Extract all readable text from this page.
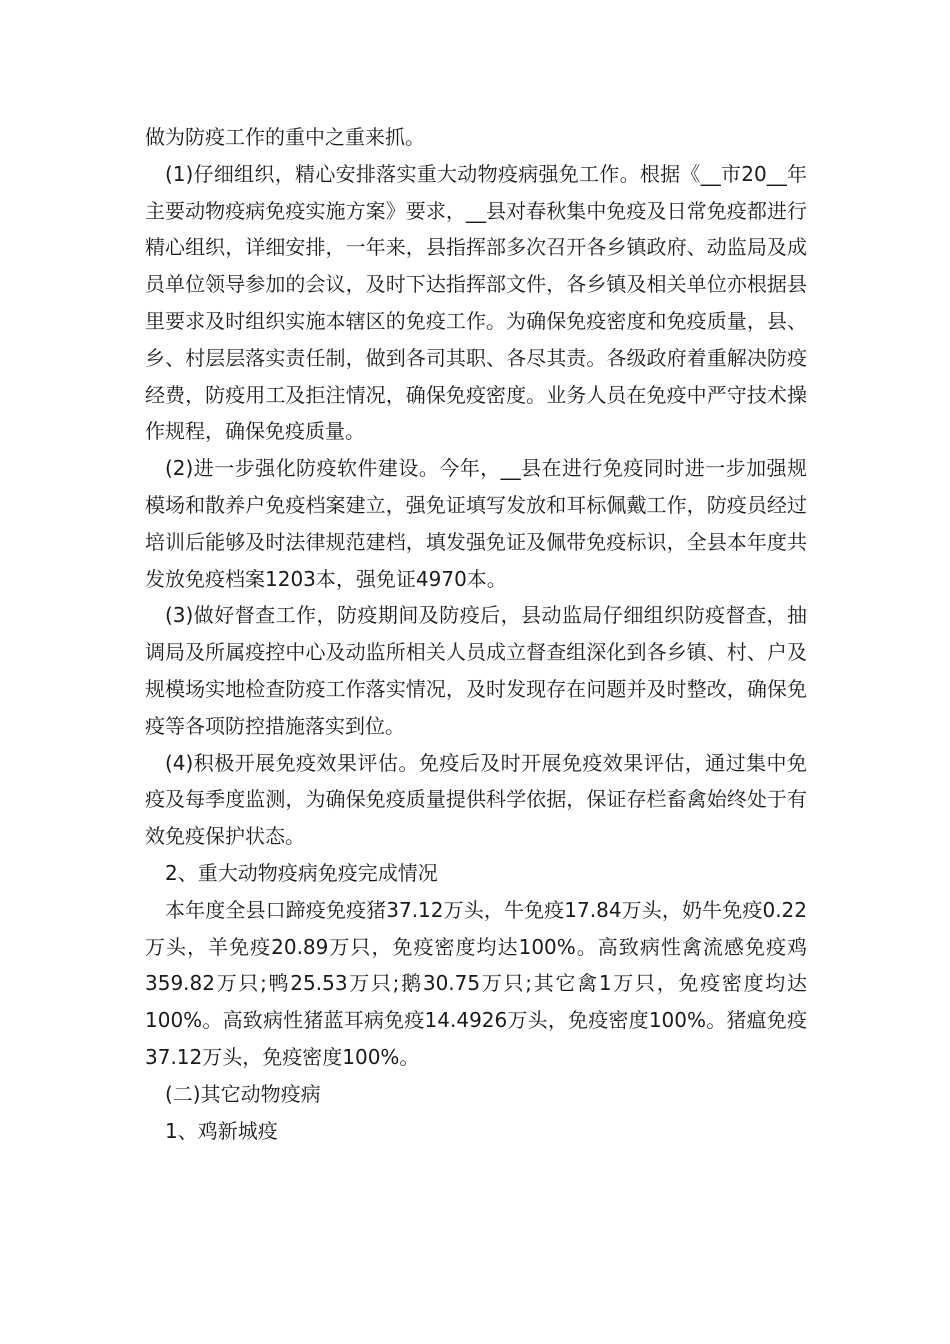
做为防疫工作的重中之重来抓。

(1)仔细组织，精心安排落实重大动物疫病强免工作。根据《__市20__年主要动物疫病免疫实施方案》要求，__县对春秋集中免疫及日常免疫都进行精心组织，详细安排，一年来，县指挥部多次召开各乡镇政府、动监局及成员单位领导参加的会议，及时下达指挥部文件，各乡镇及相关单位亦根据县里要求及时组织实施本辖区的免疫工作。为确保免疫密度和免疫质量，县、乡、村层层落实责任制，做到各司其职、各尽其责。各级政府着重解决防疫经费，防疫用工及拒注情况，确保免疫密度。业务人员在免疫中严守技术操作规程，确保免疫质量。

(2)进一步强化防疫软件建设。今年，__县在进行免疫同时进一步加强规模场和散养户免疫档案建立，强免证填写发放和耳标佩戴工作，防疫员经过培训后能够及时法律规范建档，填发强免证及佩带免疫标识，全县本年度共发放免疫档案1203本，强免证4970本。

(3)做好督查工作，防疫期间及防疫后，县动监局仔细组织防疫督查，抽调局及所属疫控中心及动监所相关人员成立督查组深化到各乡镇、村、户及规模场实地检查防疫工作落实情况，及时发现存在问题并及时整改，确保免疫等各项防控措施落实到位。

(4)积极开展免疫效果评估。免疫后及时开展免疫效果评估，通过集中免疫及每季度监测，为确保免疫质量提供科学依据，保证存栏畜禽始终处于有效免疫保护状态。

2、重大动物疫病免疫完成情况

本年度全县口蹄疫免疫猪37.12万头，牛免疫17.84万头，奶牛免疫0.22万头，羊免疫20.89万只，免疫密度均达100%。高致病性禽流感免疫鸡359.82万只;鸭25.53万只;鹅30.75万只;其它禽1万只，免疫密度均达100%。高致病性猪蓝耳病免疫14.4926万头，免疫密度100%。猪瘟免疫37.12万头，免疫密度100%。

(二)其它动物疫病

1、鸡新城疫
